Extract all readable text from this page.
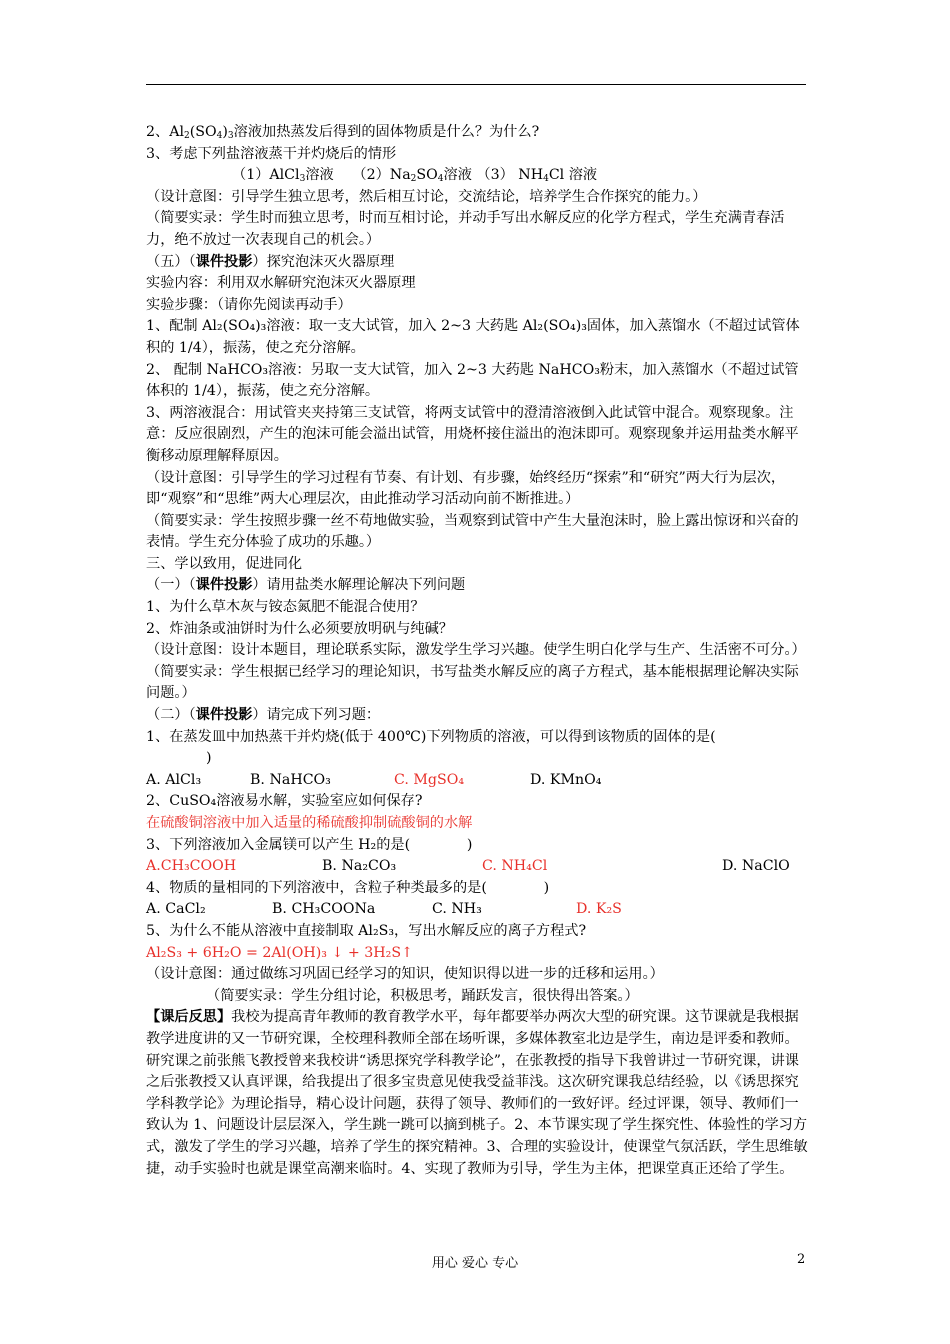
2、$Al_2(SO_4)_3$溶液加热蒸发后得到的固体物质是什么？为什么?
3、考虑下列盐溶液蒸干并灼烧后的情形
（1）AlCl$_3$溶液　 $(2)Na_2SO_4$溶液 （3） $NH_4Cl$ 溶液
（设计意图：引导学生独立思考，然后相互讨论，交流结论，培养学生合作探究的能力。）
（简要实录：学生时而独立思考，时而互相讨论，并动手写出水解反应的化学方程式，学生充满青春活力，绝不放过一次表现自己的机会。）
（五）（课件投影）探究泡沫灭火器原理
实验内容：利用双水解研究泡沫灭火器原理
实验步骤：（请你先阅读再动手）
1、配制 Al₂(SO₄)₃溶液：取一支大试管，加入 2~3 大药匙 Al₂(SO₄)₃固体，加入蒸馏水（不超过试管体积的 1/4），振荡，使之充分溶解。
2、 配制 NaHCO₃溶液：另取一支大试管，加入 2~3 大药匙 NaHCO₃粉末，加入蒸馏水（不超过试管体积的 1/4），振荡，使之充分溶解。
3、两溶液混合：用试管夹夹持第三支试管，将两支试管中的澄清溶液倒入此试管中混合。观察现象。注意：反应很剧烈，产生的泡沫可能会溢出试管，用烧杯接住溢出的泡沫即可。观察现象并运用盐类水解平衡移动原理解释原因。
（设计意图：引导学生的学习过程有节奏、有计划、有步骤，始终经历“探索”和“研究”两大行为层次，即“观察”和“思维”两大心理层次，由此推动学习活动向前不断推进。）
（简要实录：学生按照步骤一丝不苟地做实验，当观察到试管中产生大量泡沫时，脸上露出惊讶和兴奋的表情。学生充分体验了成功的乐趣。）
三、学以致用，促进同化
（一）（课件投影）请用盐类水解理论解决下列问题
1、为什么草木灰与铵态氮肥不能混合使用？
2、炸油条或油饼时为什么必须要放明矾与纯碱？
（设计意图：设计本题目，理论联系实际，激发学生学习兴趣。使学生明白化学与生产、生活密不可分。）
（简要实录：学生根据已经学习的理论知识，书写盐类水解反应的离子方程式，基本能根据理论解决实际问题。）
（二）（课件投影）请完成下列习题：
1、在蒸发皿中加热蒸干并灼烧(低于 400℃)下列物质的溶液，可以得到该物质的固体的是(
)
A. AlCl₃	B. NaHCO₃	C. MgSO₄	D. KMnO₄
2、CuSO₄溶液易水解，实验室应如何保存?
在硫酸铜溶液中加入适量的稀硫酸抑制硫酸铜的水解
3、下列溶液加入金属镁可以产生 H₂的是(　　　　)
A.CH₃COOH	B. Na₂CO₃	C. NH₄Cl	D. NaClO
4、物质的量相同的下列溶液中，含粒子种类最多的是(　　　　)
A. CaCl₂	B. CH₃COONa	C. NH₃	D. K₂S
5、为什么不能从溶液中直接制取 Al₂S₃，写出水解反应的离子方程式?
Al₂S₃ + 6H₂O = 2Al(OH)₃ ↓ + 3H₂S↑
（设计意图：通过做练习巩固已经学习的知识，使知识得以进一步的迁移和运用。）
（简要实录：学生分组讨论，积极思考，踊跃发言，很快得出答案。）
【课后反思】我校为提高青年教师的教育教学水平，每年都要举办两次大型的研究课。这节课就是我根据教学进度讲的又一节研究课，全校理科教师全部在场听课，多媒体教室北边是学生，南边是评委和教师。研究课之前张熊飞教授曾来我校讲“诱思探究学科教学论”，在张教授的指导下我曾讲过一节研究课，讲课之后张教授又认真评课，给我提出了很多宝贵意见使我受益菲浅。这次研究课我总结经验，以《诱思探究学科教学论》为理论指导，精心设计问题，获得了领导、教师们的一致好评。经过评课，领导、教师们一致认为 1、问题设计层层深入，学生跳一跳可以摘到桃子。2、本节课实现了学生探究性、体验性的学习方式，激发了学生的学习兴趣，培养了学生的探究精神。3、合理的实验设计，使课堂气氛活跃，学生思维敏捷，动手实验时也就是课堂高潮来临时。4、实现了教师为引导，学生为主体，把课堂真正还给了学生。
用心 爱心 专心	2
